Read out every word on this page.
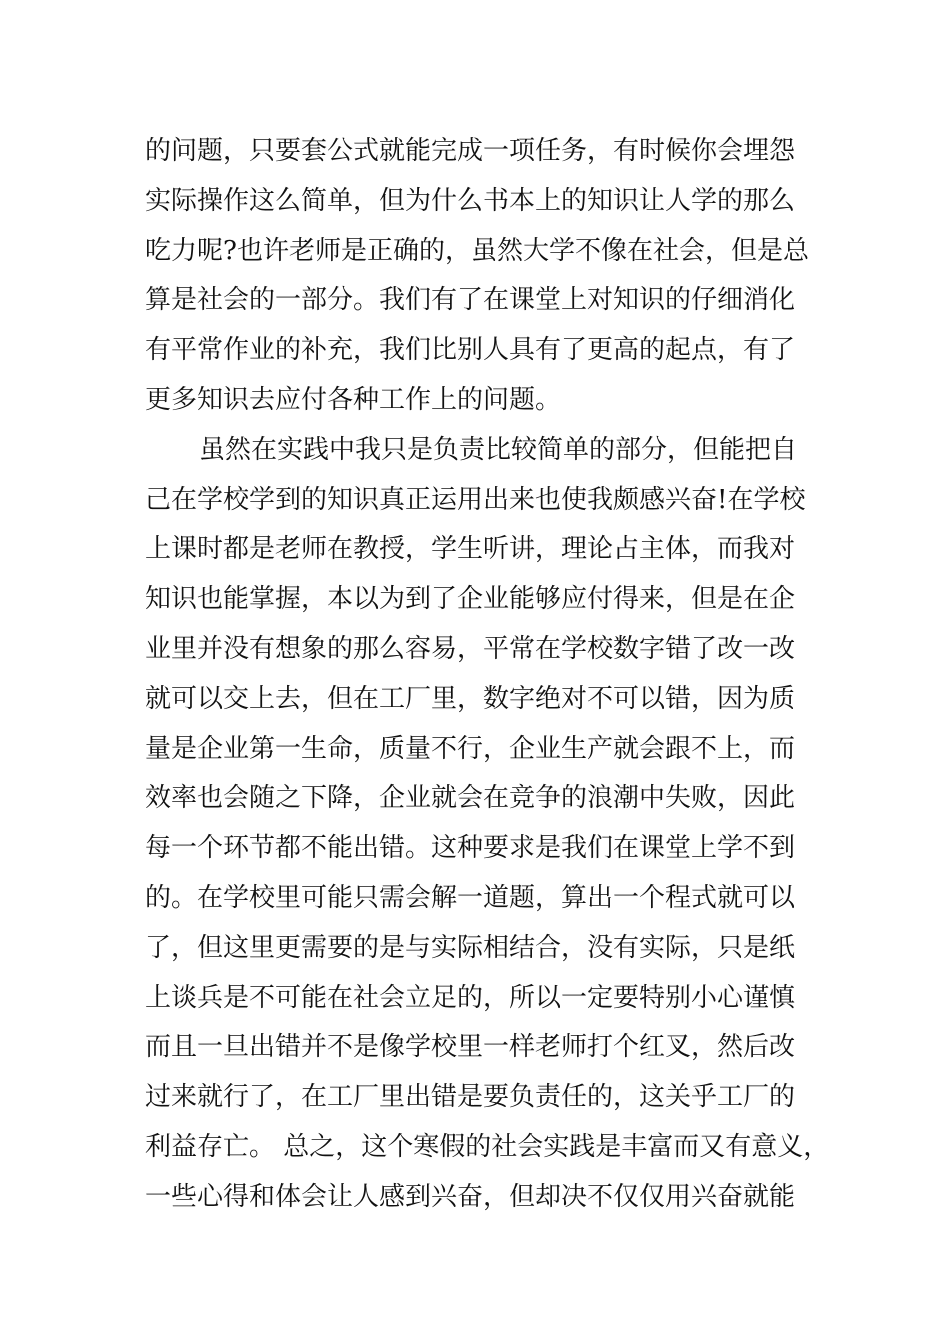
的问题，只要套公式就能完成一项任务，有时候你会埋怨
实际操作这么简单，但为什么书本上的知识让人学的那么
吃力呢?也许老师是正确的，虽然大学不像在社会，但是总
算是社会的一部分。我们有了在课堂上对知识的仔细消化
有平常作业的补充，我们比别人具有了更高的起点，有了
更多知识去应付各种工作上的问题。
虽然在实践中我只是负责比较简单的部分，但能把自
己在学校学到的知识真正运用出来也使我颇感兴奋!在学校
上课时都是老师在教授，学生听讲，理论占主体，而我对
知识也能掌握，本以为到了企业能够应付得来，但是在企
业里并没有想象的那么容易，平常在学校数字错了改一改
就可以交上去，但在工厂里，数字绝对不可以错，因为质
量是企业第一生命，质量不行，企业生产就会跟不上，而
效率也会随之下降，企业就会在竞争的浪潮中失败，因此
每一个环节都不能出错。这种要求是我们在课堂上学不到
的。在学校里可能只需会解一道题，算出一个程式就可以
了，但这里更需要的是与实际相结合，没有实际，只是纸
上谈兵是不可能在社会立足的，所以一定要特别小心谨慎
而且一旦出错并不是像学校里一样老师打个红叉，然后改
过来就行了，在工厂里出错是要负责任的，这关乎工厂的
利益存亡。 总之，这个寒假的社会实践是丰富而又有意义，
一些心得和体会让人感到兴奋，但却决不仅仅用兴奋就能
